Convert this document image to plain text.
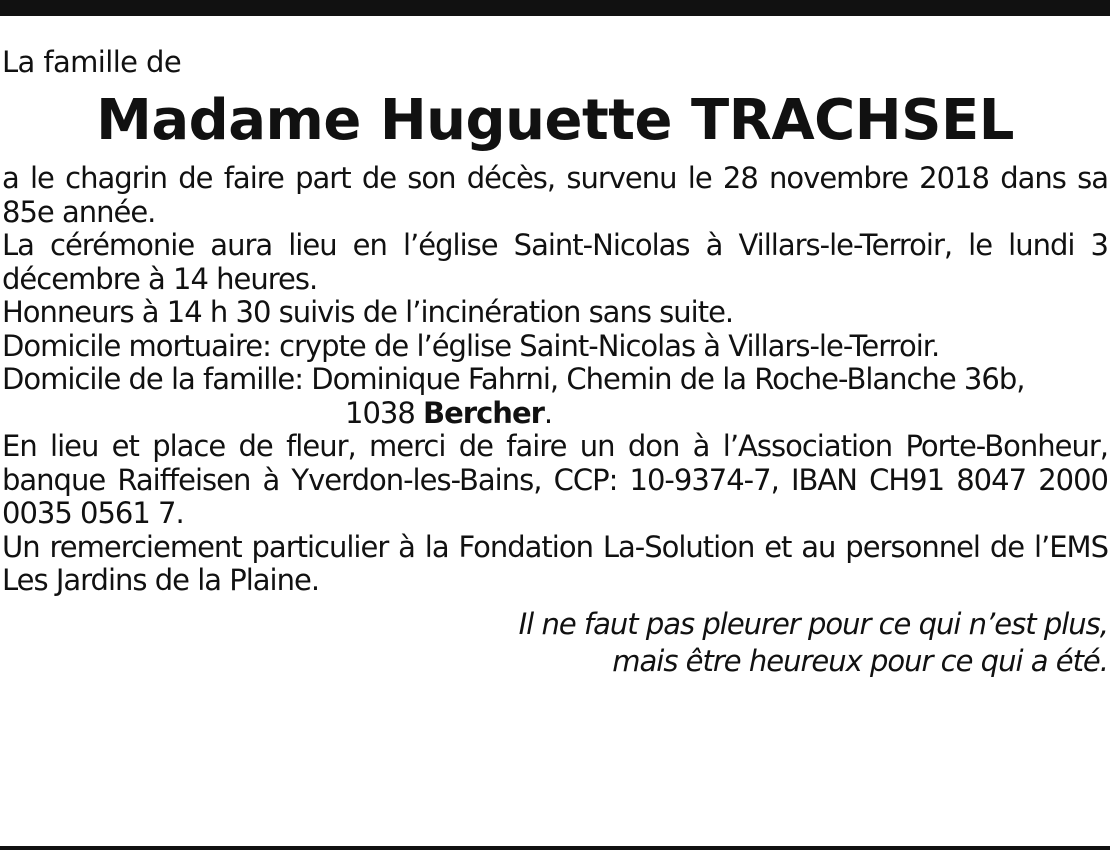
La famille de
Madame Huguette TRACHSEL
a le chagrin de faire part de son décès, survenu le 28 novembre 2018 dans sa 85e année.
La cérémonie aura lieu en l’église Saint-Nicolas à Villars-le-Terroir, le lundi 3 décembre à 14 heures.
Honneurs à 14 h 30 suivis de l’incinération sans suite.
Domicile mortuaire: crypte de l’église Saint-Nicolas à Villars-le-Terroir.
Domicile de la famille: Dominique Fahrni, Chemin de la Roche-Blanche 36b,
1038 Bercher.
En lieu et place de fleur, merci de faire un don à l’Association Porte-Bonheur, banque Raiffeisen à Yverdon-les-Bains, CCP: 10-9374-7, IBAN CH91 8047 2000 0035 0561 7.
Un remerciement particulier à la Fondation La-Solution et au personnel de l’EMS Les Jardins de la Plaine.
Il ne faut pas pleurer pour ce qui n’est plus,
mais être heureux pour ce qui a été.
